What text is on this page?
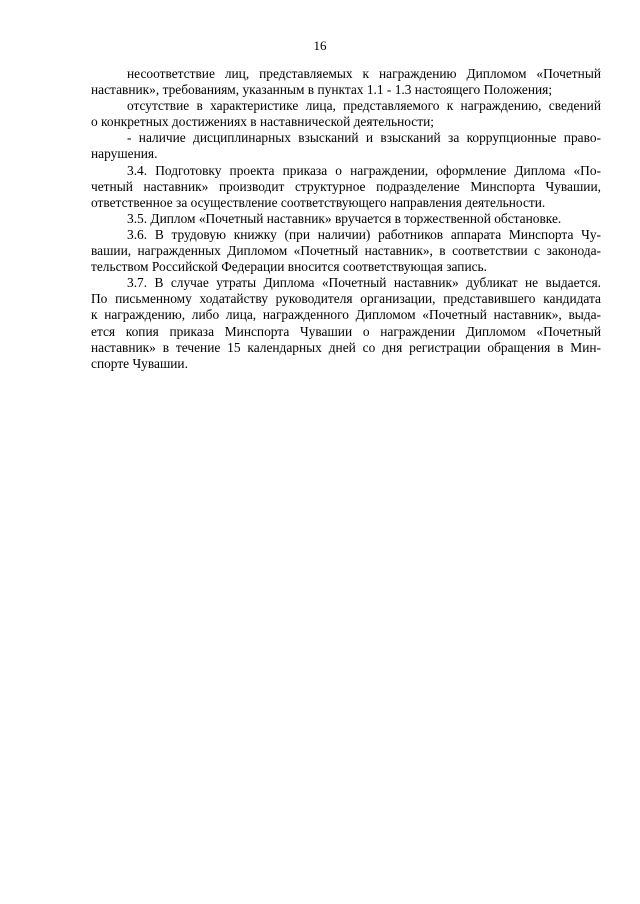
16

несоответствие лиц, представляемых к награждению Дипломом «Почетный
наставник», требованиям, указанным в пунктах 1.1 - 1.3 настоящего Положения;

отсутствие в характеристике лица, представляемого к награждению, сведений
о конкретных достижениях в наставнической деятельности;

- наличие дисциплинарных взысканий и взысканий за коррупционные право-
нарушения.

3.4. Подготовку проекта приказа о награждении, оформление Диплома «По-
четный наставник» производит структурное подразделение Минспорта Чувашии,
ответственное за осуществление соответствующего направления деятельности.

3.5. Диплом «Почетный наставник» вручается в торжественной обстановке.

3.6. В трудовую книжку (при наличии) работников аппарата Минспорта Чу-
вашии, награжденных Дипломом «Почетный наставник», в соответствии с законода-
тельством Российской Федерации вносится соответствующая запись.

3.7. В случае утраты Диплома «Почетный наставник» дубликат не выдается.
По письменному ходатайству руководителя организации, представившего кандидата
к награждению, либо лица, награжденного Дипломом «Почетный наставник», выда-
ется копия приказа Минспорта Чувашии о награждении Дипломом «Почетный
наставник» в течение 15 календарных дней со дня регистрации обращения в Мин-
спорте Чувашии.
